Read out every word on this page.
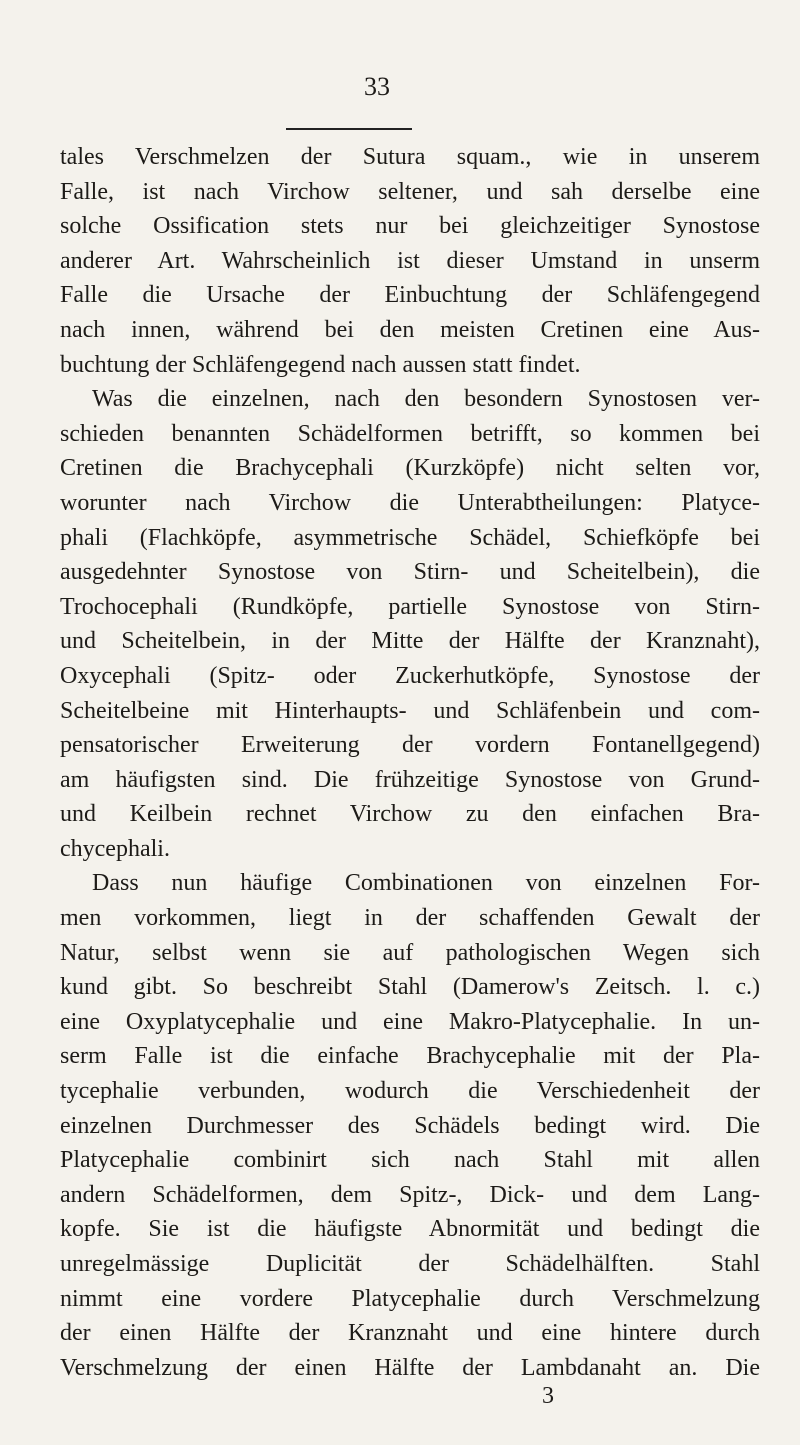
33
tales Verschmelzen der Sutura squam., wie in unserem
Falle, ist nach Virchow seltener, und sah derselbe eine
solche Ossification stets nur bei gleichzeitiger Synostose
anderer Art. Wahrscheinlich ist dieser Umstand in unserm
Falle die Ursache der Einbuchtung der Schläfengegend
nach innen, während bei den meisten Cretinen eine Aus-
buchtung der Schläfengegend nach aussen statt findet.
Was die einzelnen, nach den besondern Synostosen ver-
schieden benannten Schädelformen betrifft, so kommen bei
Cretinen die Brachycephali (Kurzköpfe) nicht selten vor,
worunter nach Virchow die Unterabtheilungen: Platyce-
phali (Flachköpfe, asymmetrische Schädel, Schiefköpfe bei
ausgedehnter Synostose von Stirn- und Scheitelbein), die
Trochocephali (Rundköpfe, partielle Synostose von Stirn-
und Scheitelbein, in der Mitte der Hälfte der Kranznaht),
Oxycephali (Spitz- oder Zuckerhutköpfe, Synostose der
Scheitelbeine mit Hinterhaupts- und Schläfenbein und com-
pensatorischer Erweiterung der vordern Fontanellgegend)
am häufigsten sind. Die frühzeitige Synostose von Grund-
und Keilbein rechnet Virchow zu den einfachen Bra-
chycephali.
Dass nun häufige Combinationen von einzelnen For-
men vorkommen, liegt in der schaffenden Gewalt der
Natur, selbst wenn sie auf pathologischen Wegen sich
kund gibt. So beschreibt Stahl (Damerow's Zeitsch. l. c.)
eine Oxyplatycephalie und eine Makro-Platycephalie. In un-
serm Falle ist die einfache Brachycephalie mit der Pla-
tycephalie verbunden, wodurch die Verschiedenheit der
einzelnen Durchmesser des Schädels bedingt wird. Die
Platycephalie combinirt sich nach Stahl mit allen
andern Schädelformen, dem Spitz-, Dick- und dem Lang-
kopfe. Sie ist die häufigste Abnormität und bedingt die
unregelmässige Duplicität der Schädelhälften. Stahl
nimmt eine vordere Platycephalie durch Verschmelzung
der einen Hälfte der Kranznaht und eine hintere durch
Verschmelzung der einen Hälfte der Lambdanaht an. Die
3
